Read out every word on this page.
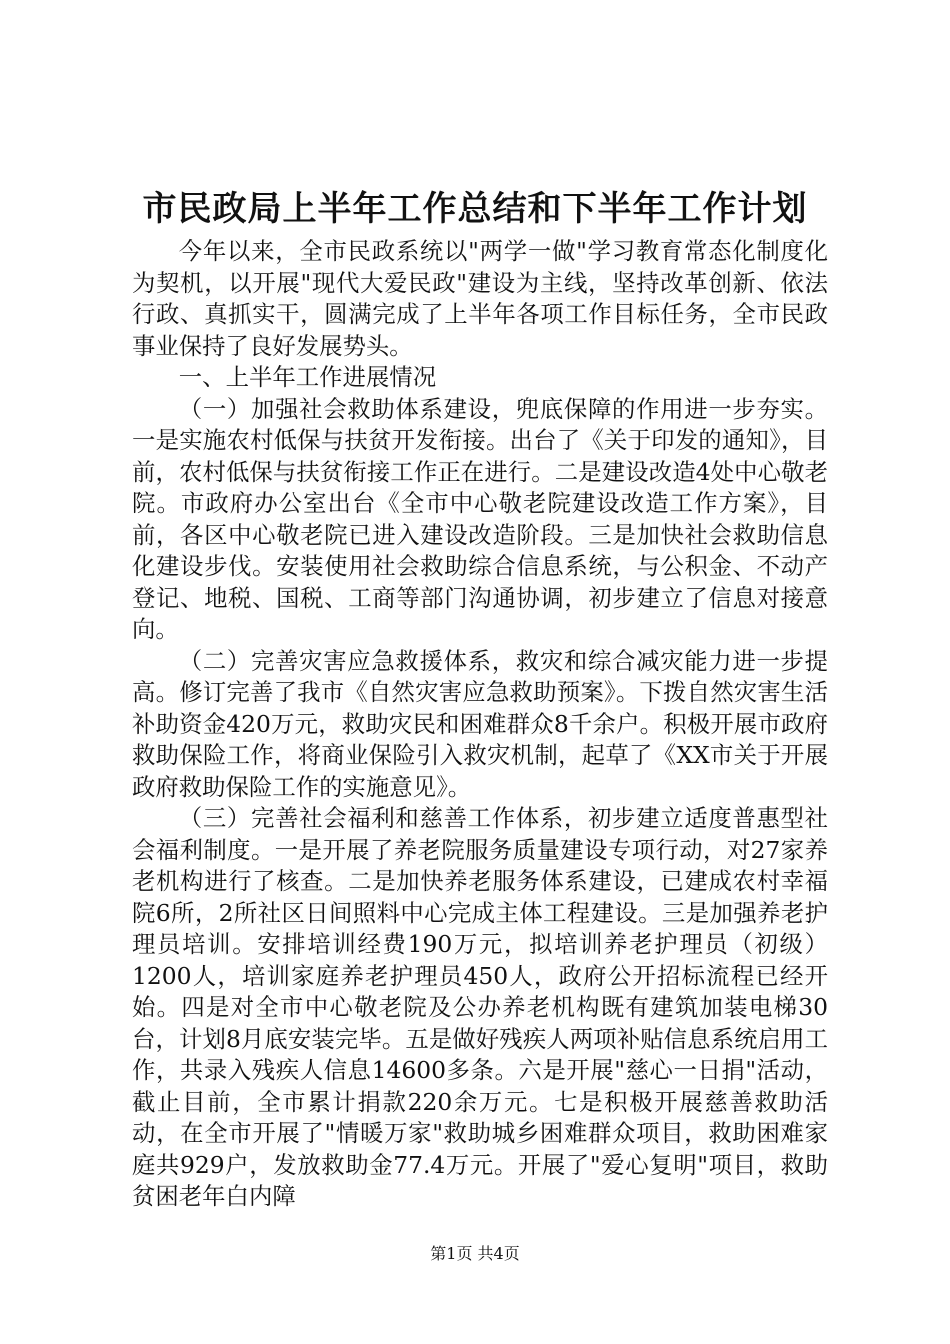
市民政局上半年工作总结和下半年工作计划

今年以来，全市民政系统以"两学一做"学习教育常态化制度化为契机，以开展"现代大爱民政"建设为主线，坚持改革创新、依法行政、真抓实干，圆满完成了上半年各项工作目标任务，全市民政事业保持了良好发展势头。

一、上半年工作进展情况

（一）加强社会救助体系建设，兜底保障的作用进一步夯实。一是实施农村低保与扶贫开发衔接。出台了《关于印发的通知》，目前，农村低保与扶贫衔接工作正在进行。二是建设改造4处中心敬老院。市政府办公室出台《全市中心敬老院建设改造工作方案》，目前，各区中心敬老院已进入建设改造阶段。三是加快社会救助信息化建设步伐。安装使用社会救助综合信息系统，与公积金、不动产登记、地税、国税、工商等部门沟通协调，初步建立了信息对接意向。

（二）完善灾害应急救援体系，救灾和综合减灾能力进一步提高。修订完善了我市《自然灾害应急救助预案》。下拨自然灾害生活补助资金420万元，救助灾民和困难群众8千余户。积极开展市政府救助保险工作，将商业保险引入救灾机制，起草了《XX市关于开展政府救助保险工作的实施意见》。

（三）完善社会福利和慈善工作体系，初步建立适度普惠型社会福利制度。一是开展了养老院服务质量建设专项行动，对27家养老机构进行了核查。二是加快养老服务体系建设，已建成农村幸福院6所，2所社区日间照料中心完成主体工程建设。三是加强养老护理员培训。安排培训经费190万元，拟培训养老护理员（初级）1200人，培训家庭养老护理员450人，政府公开招标流程已经开始。四是对全市中心敬老院及公办养老机构既有建筑加装电梯30台，计划8月底安装完毕。五是做好残疾人两项补贴信息系统启用工作，共录入残疾人信息14600多条。六是开展"慈心一日捐"活动，截止目前，全市累计捐款220余万元。七是积极开展慈善救助活动，在全市开展了"情暖万家"救助城乡困难群众项目，救助困难家庭共929户，发放救助金77.4万元。开展了"爱心复明"项目，救助贫困老年白内障

第1页 共4页
